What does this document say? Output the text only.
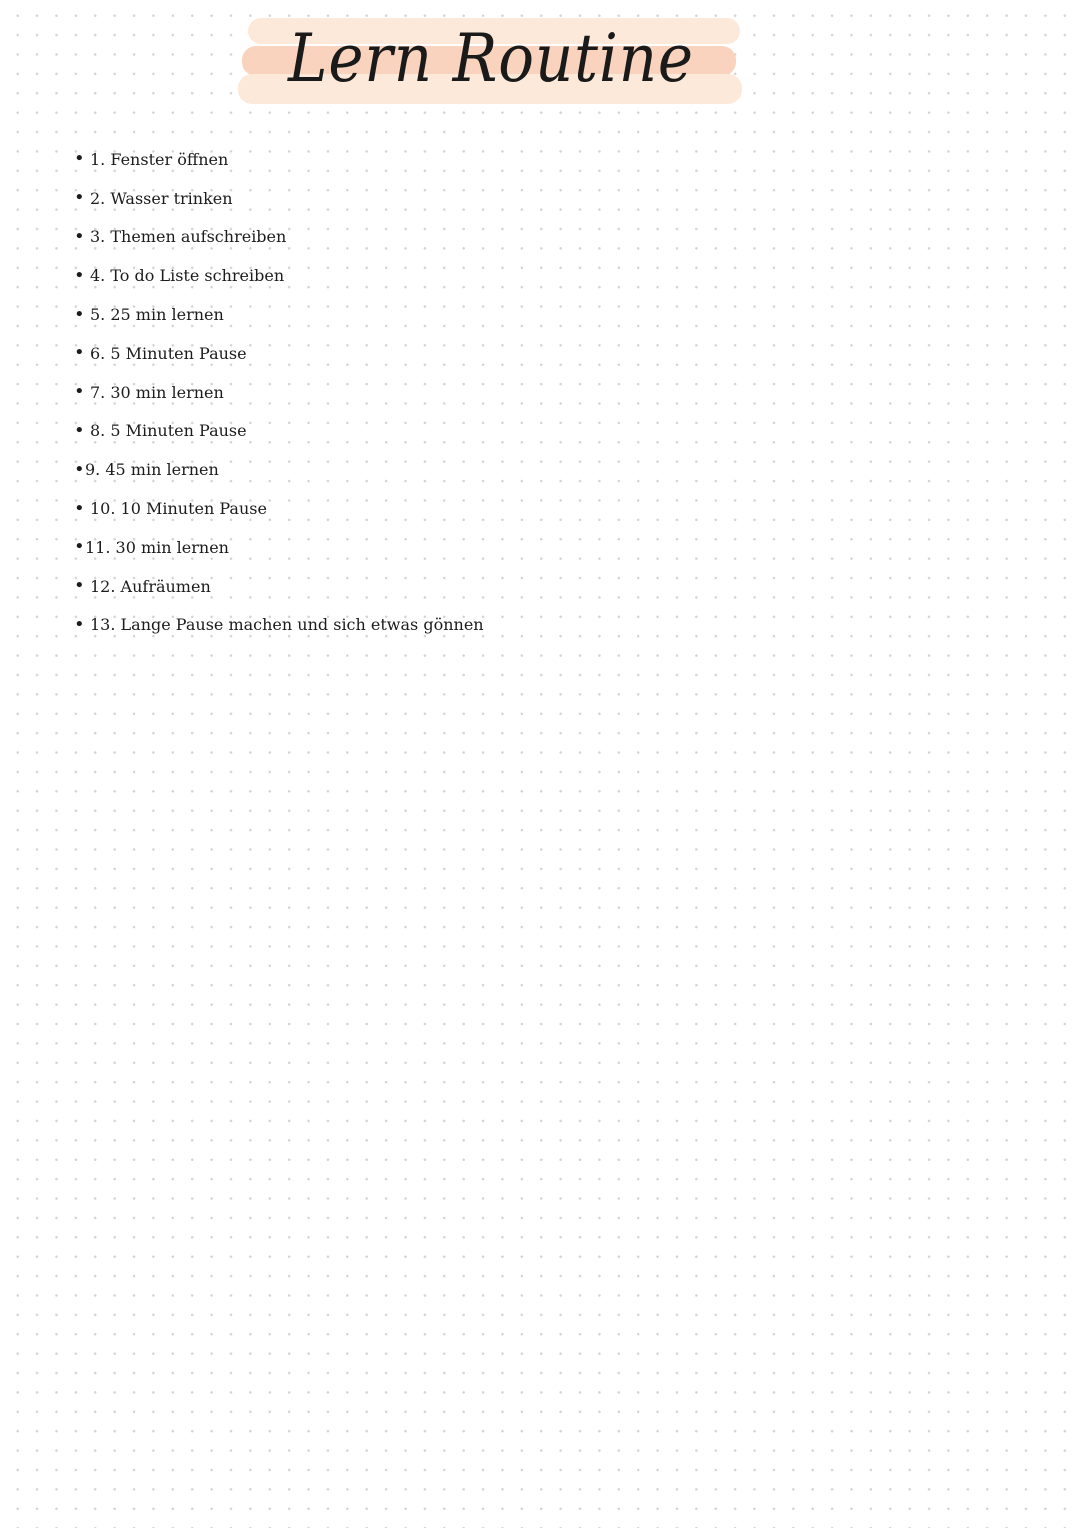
Lern Routine
• 1. Fenster öffnen
• 2. Wasser trinken
• 3. Themen aufschreiben
• 4. To do Liste schreiben
• 5. 25 min lernen
• 6. 5 Minuten Pause
• 7. 30 min lernen
• 8. 5 Minuten Pause
• 9. 45 min lernen
• 10. 10 Minuten Pause
• 11. 30 min lernen
• 12. Aufräumen
• 13. Lange Pause machen und sich etwas gönnen
